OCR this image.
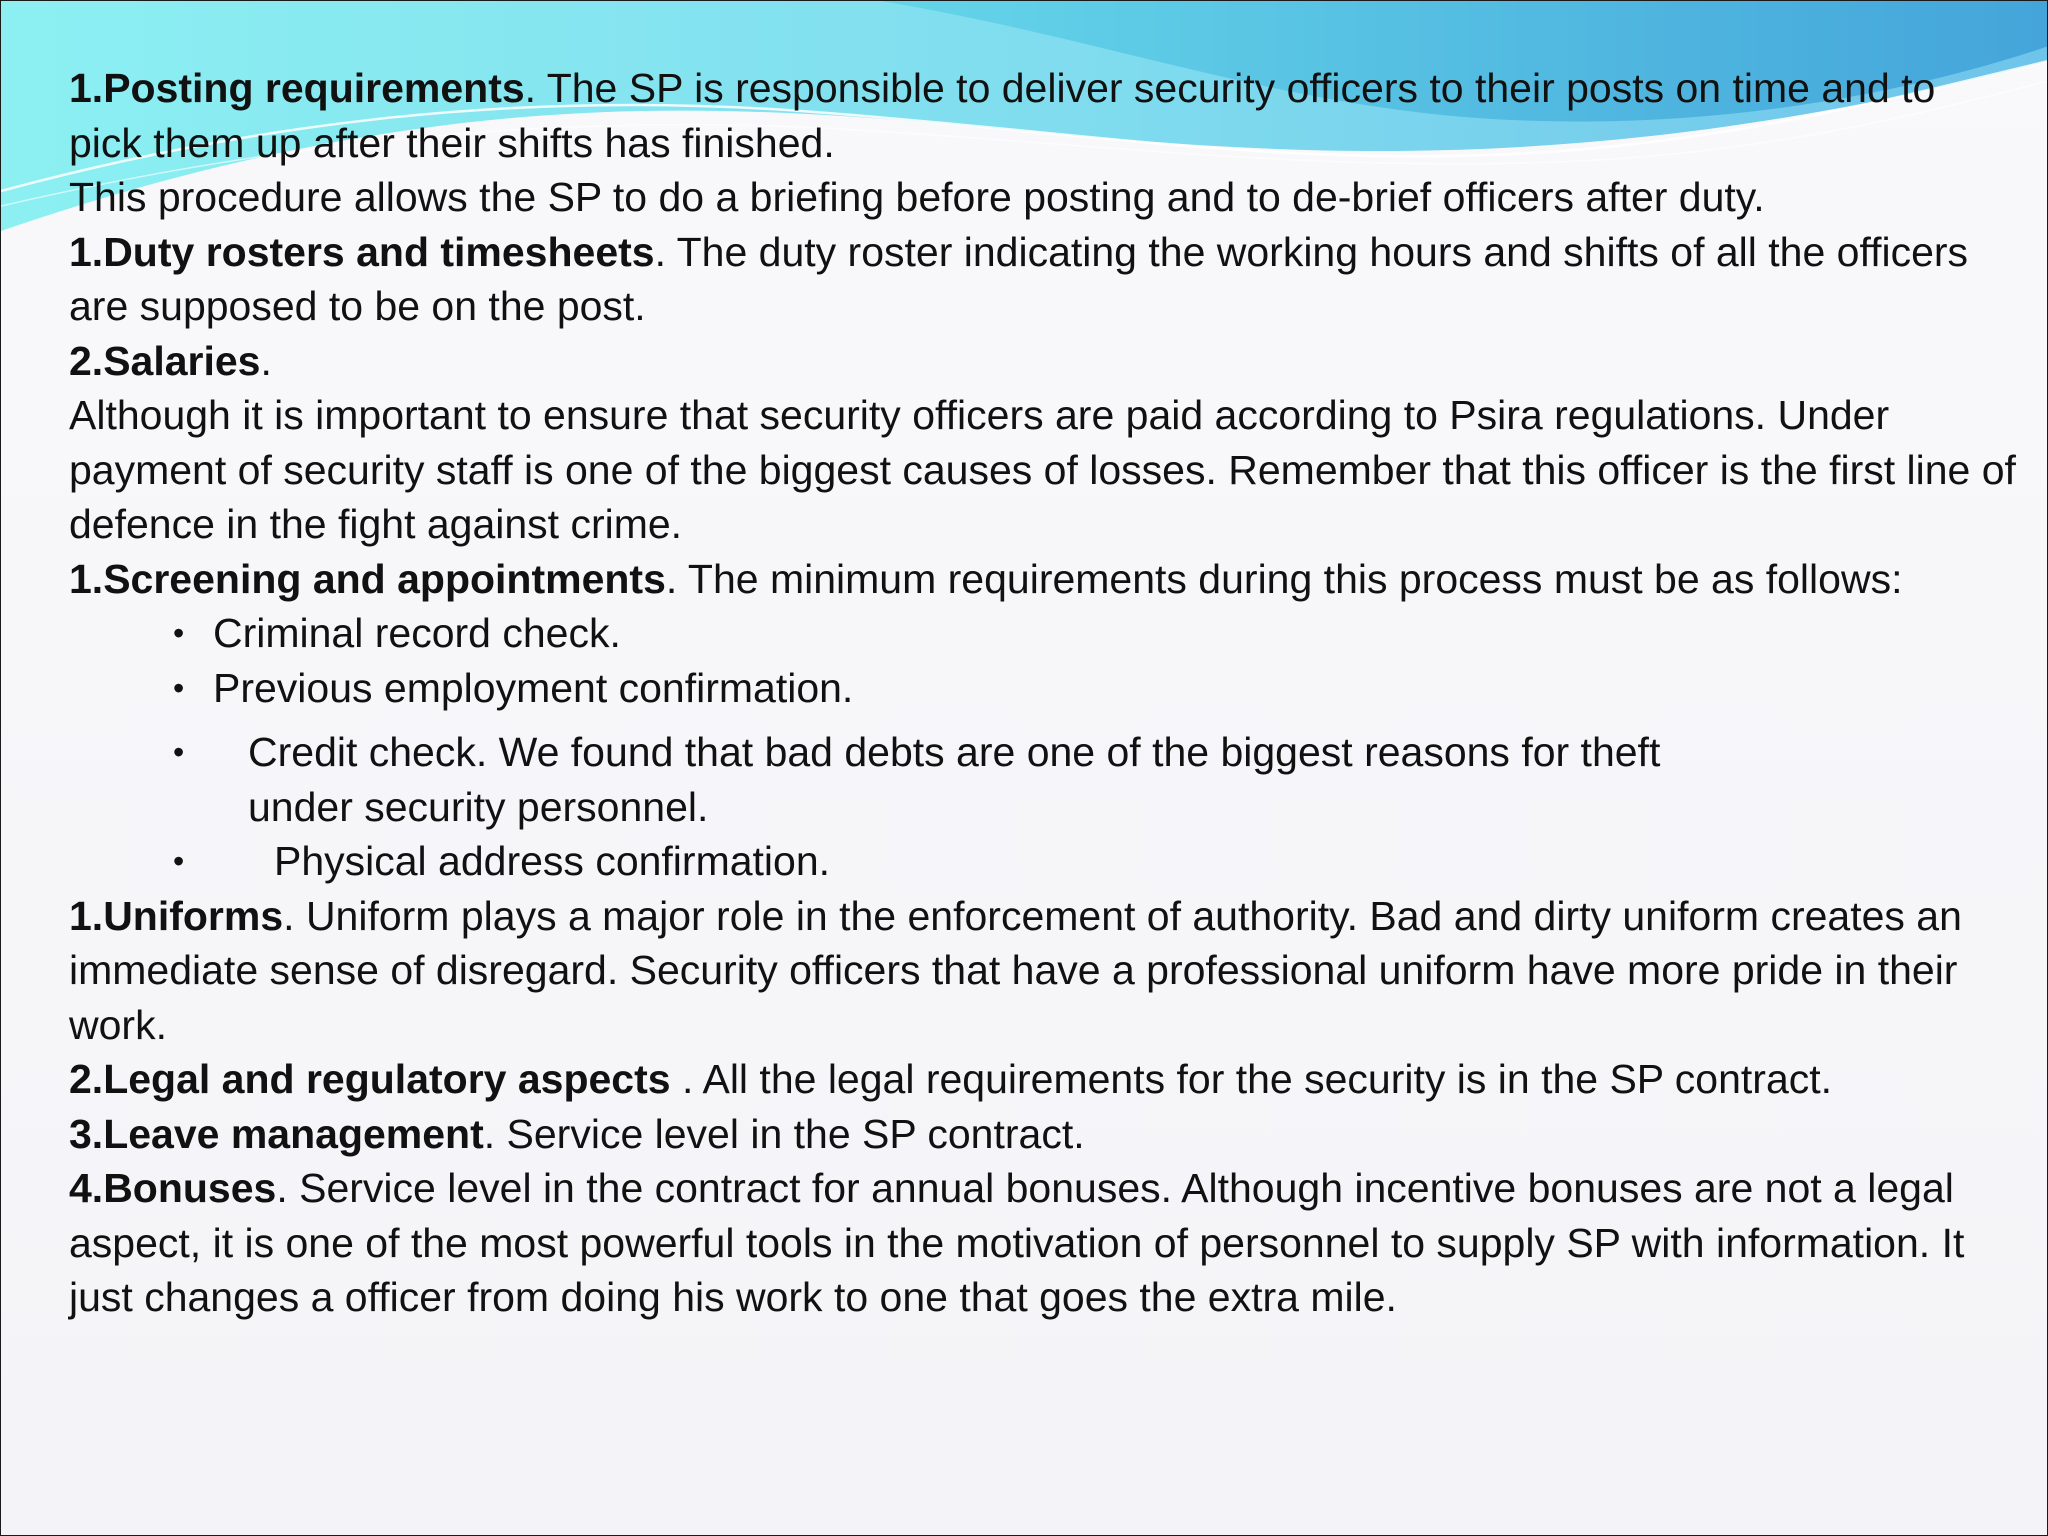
1.Posting requirements. The SP is responsible to deliver security officers to their posts on time and to pick them up after their shifts has finished.

This procedure allows the SP to do a briefing before posting and to de-brief officers after duty.

1.Duty rosters and timesheets. The duty roster indicating the working hours and shifts of all the officers are supposed to be on the post.

2.Salaries.

Although it is important to ensure that security officers are paid according to Psira regulations. Under payment of security staff is one of the biggest causes of losses. Remember that this officer is the first line of defence in the fight against crime.

1.Screening and appointments. The minimum requirements during this process must be as follows:

• Criminal record check.

• Previous employment confirmation.

• Credit check. We found that bad debts are one of the biggest reasons for theft under security personnel.

• Physical address confirmation.

1.Uniforms. Uniform plays a major role in the enforcement of authority. Bad and dirty uniform creates an immediate sense of disregard. Security officers that have a professional uniform have more pride in their work.

2.Legal and regulatory aspects . All the legal requirements for the security is in the SP contract.

3.Leave management. Service level in the SP contract.

4.Bonuses. Service level in the contract for annual bonuses. Although incentive bonuses are not a legal aspect, it is one of the most powerful tools in the motivation of personnel to supply SP with information. It just changes a officer from doing his work to one that goes the extra mile.
